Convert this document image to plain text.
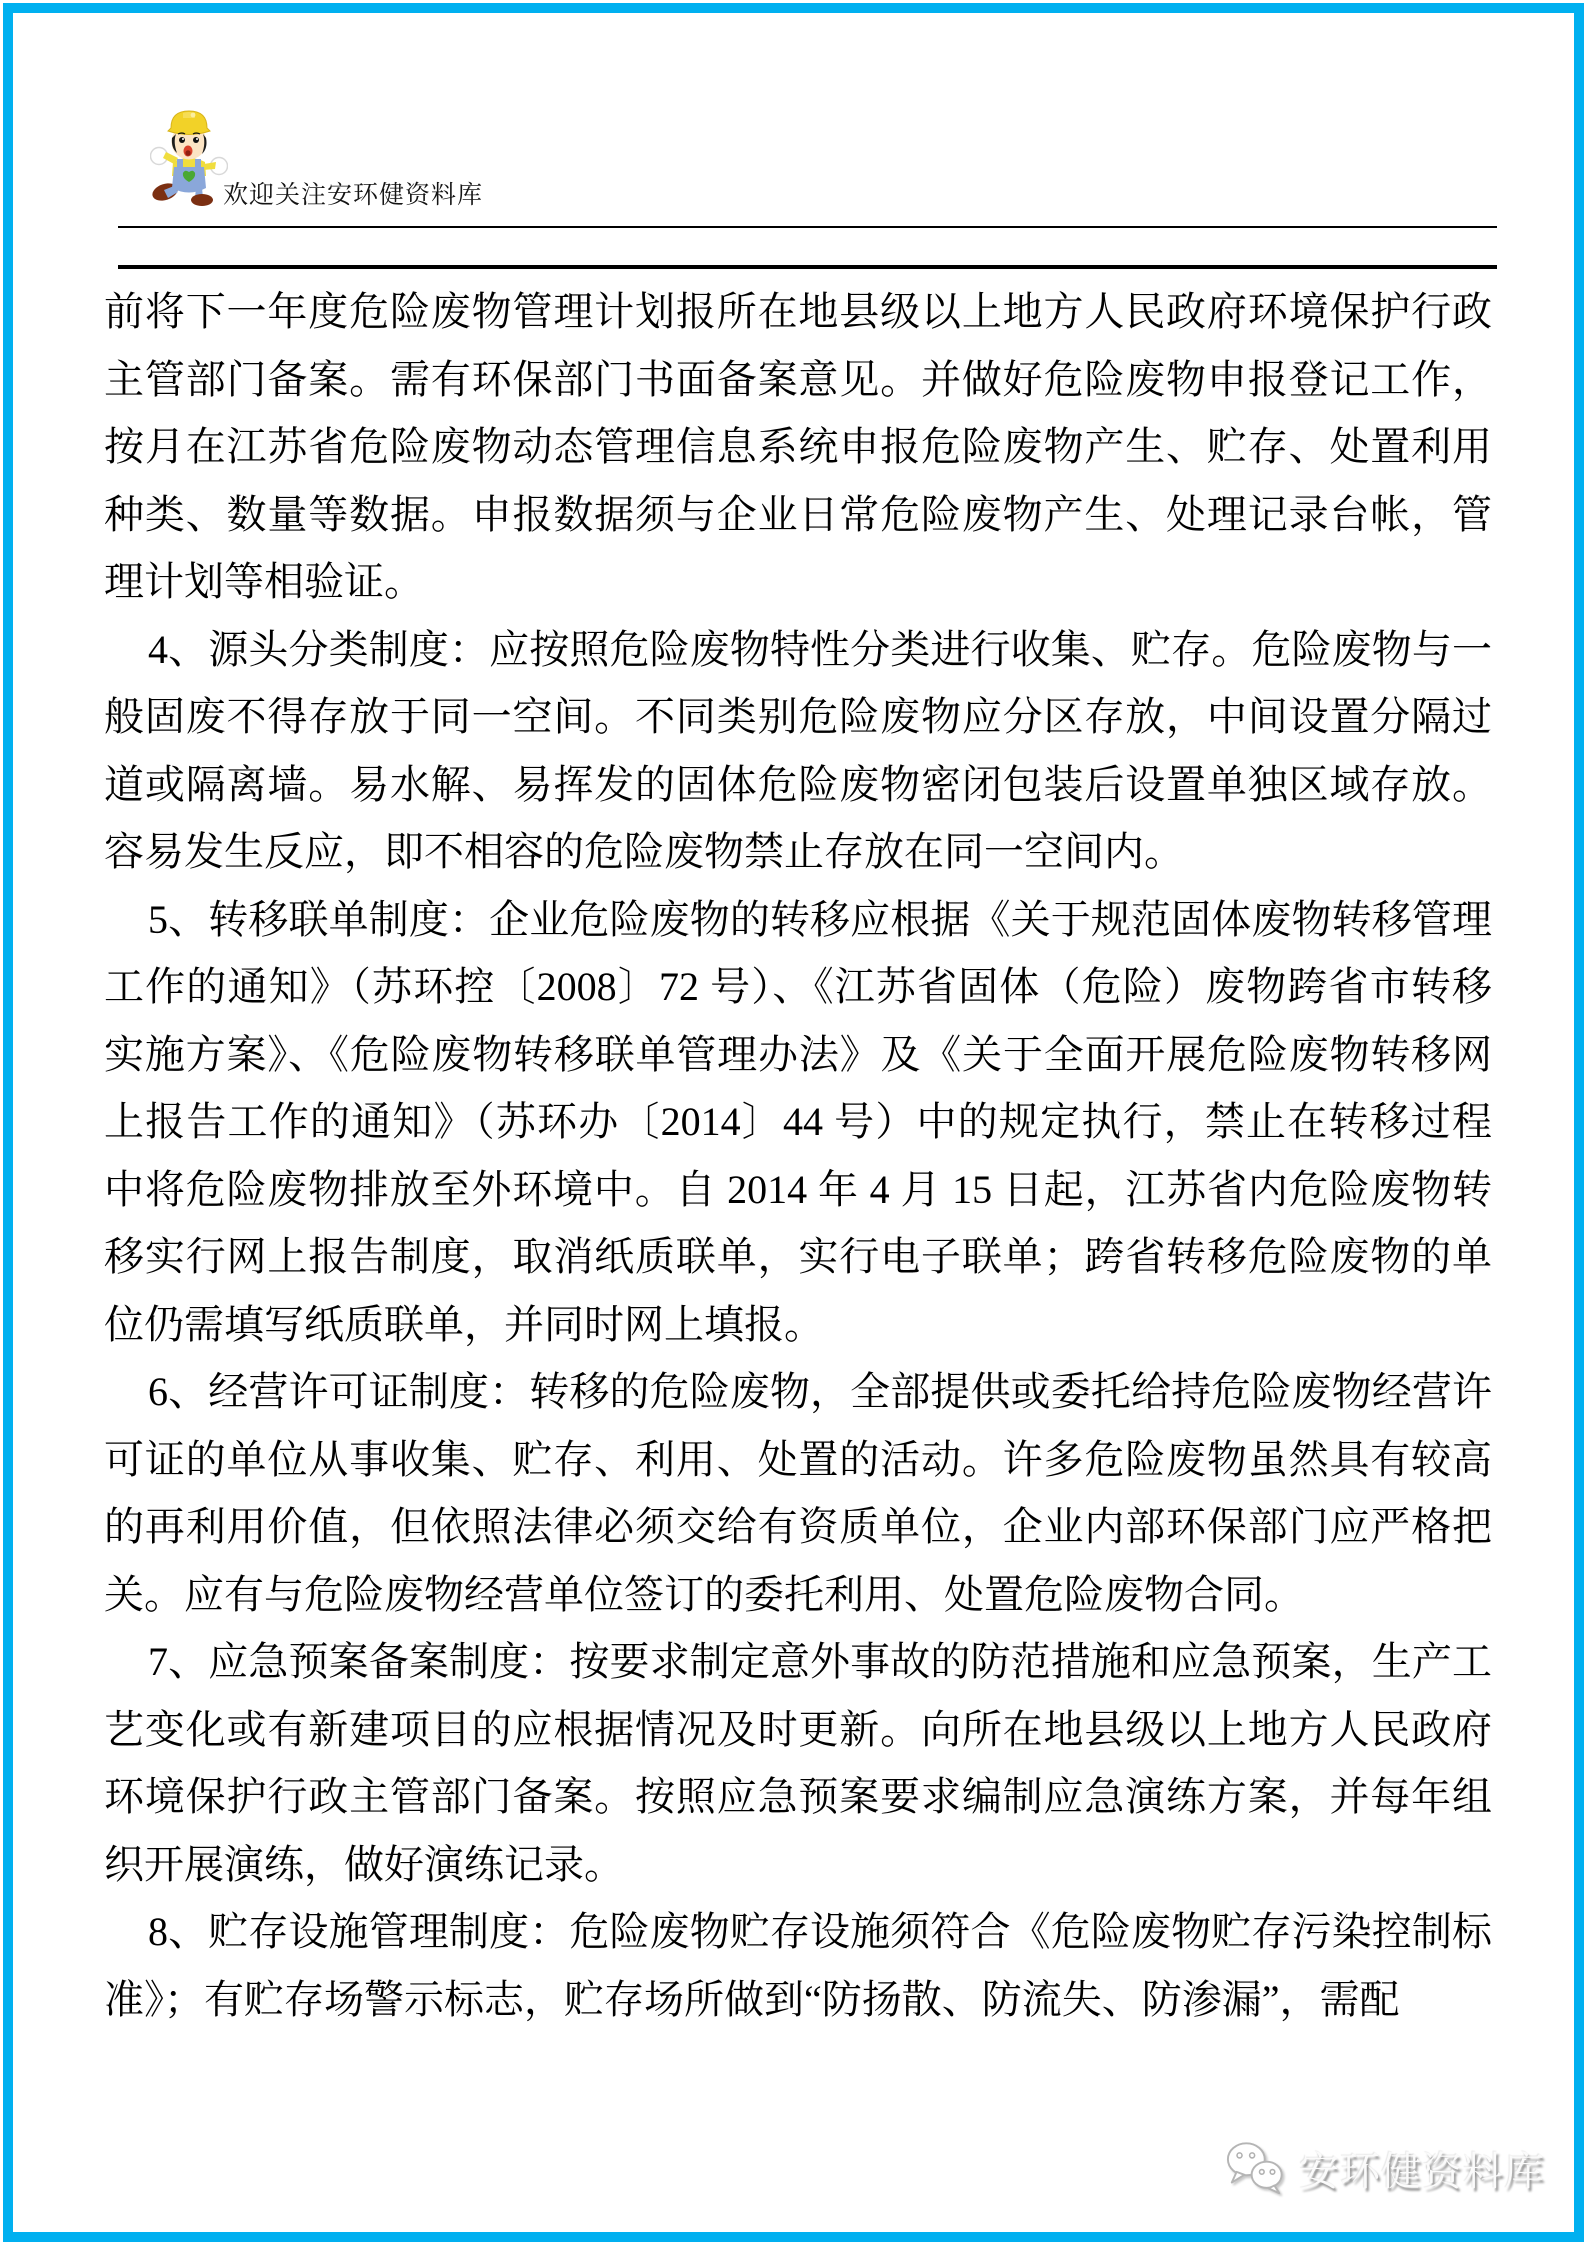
欢迎关注安环健资料库

前将下一年度危险废物管理计划报所在地县级以上地方人民政府环境保护行政主管部门备案。需有环保部门书面备案意见。并做好危险废物申报登记工作，按月在江苏省危险废物动态管理信息系统申报危险废物产生、贮存、处置利用种类、数量等数据。申报数据须与企业日常危险废物产生、处理记录台帐，管理计划等相验证。

4、源头分类制度：应按照危险废物特性分类进行收集、贮存。危险废物与一般固废不得存放于同一空间。不同类别危险废物应分区存放，中间设置分隔过道或隔离墙。易水解、易挥发的固体危险废物密闭包装后设置单独区域存放。容易发生反应，即不相容的危险废物禁止存放在同一空间内。

5、转移联单制度：企业危险废物的转移应根据《关于规范固体废物转移管理工作的通知》（苏环控〔2008〕72 号）、《江苏省固体（危险）废物跨省市转移实施方案》、《危险废物转移联单管理办法》及《关于全面开展危险废物转移网上报告工作的通知》（苏环办〔2014〕44 号）中的规定执行，禁止在转移过程中将危险废物排放至外环境中。自 2014 年 4 月 15 日起，江苏省内危险废物转移实行网上报告制度，取消纸质联单，实行电子联单；跨省转移危险废物的单位仍需填写纸质联单，并同时网上填报。

6、经营许可证制度：转移的危险废物，全部提供或委托给持危险废物经营许可证的单位从事收集、贮存、利用、处置的活动。许多危险废物虽然具有较高的再利用价值，但依照法律必须交给有资质单位，企业内部环保部门应严格把关。应有与危险废物经营单位签订的委托利用、处置危险废物合同。

7、应急预案备案制度：按要求制定意外事故的防范措施和应急预案，生产工艺变化或有新建项目的应根据情况及时更新。向所在地县级以上地方人民政府环境保护行政主管部门备案。按照应急预案要求编制应急演练方案，并每年组织开展演练，做好演练记录。

8、贮存设施管理制度：危险废物贮存设施须符合《危险废物贮存污染控制标准》；有贮存场警示标志，贮存场所做到“防扬散、防流失、防渗漏”，需配

安环健资料库
